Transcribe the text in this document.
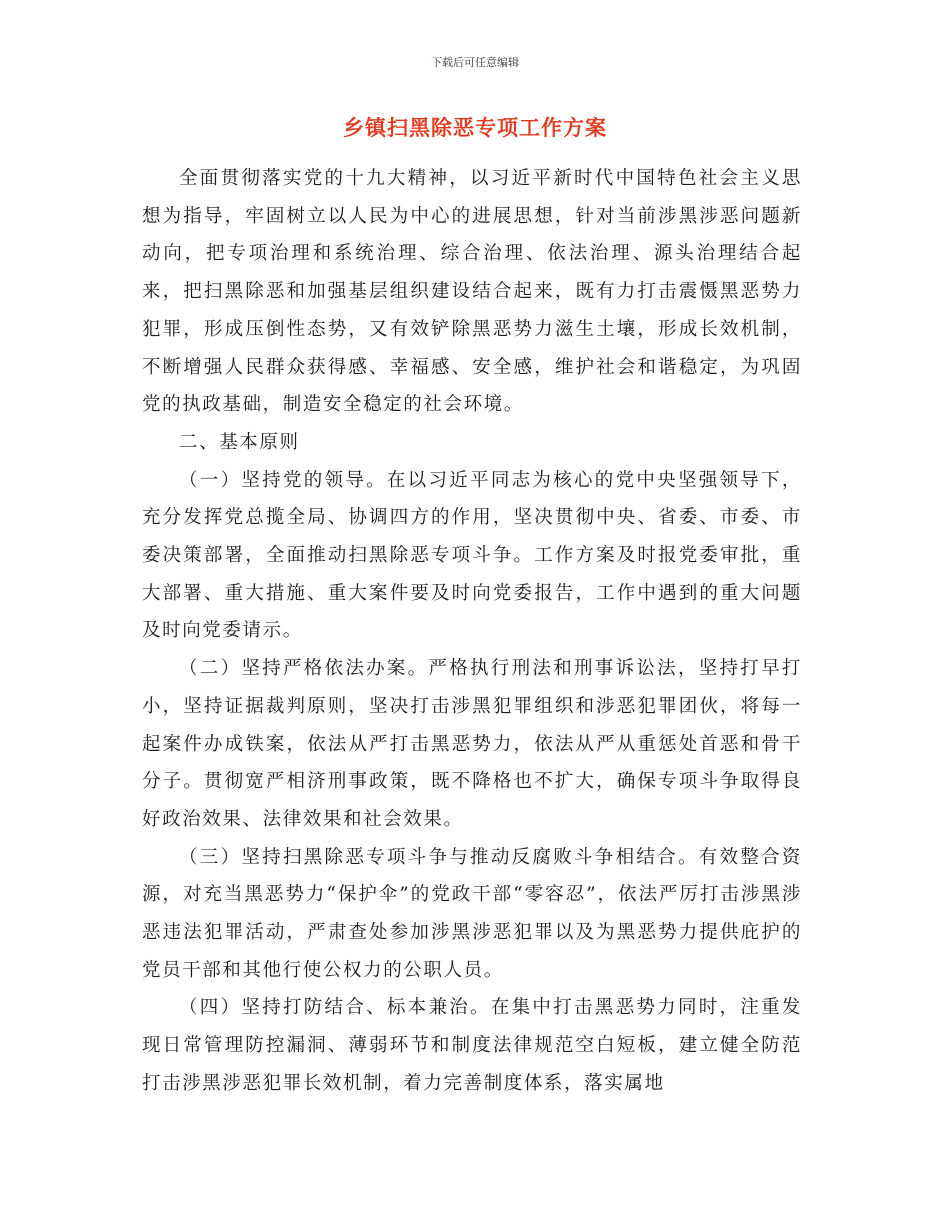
下载后可任意编辑
乡镇扫黑除恶专项工作方案

全面贯彻落实党的十九大精神，以习近平新时代中国特色社会主义思想为指导，牢固树立以人民为中心的进展思想，针对当前涉黑涉恶问题新动向，把专项治理和系统治理、综合治理、依法治理、源头治理结合起来，把扫黑除恶和加强基层组织建设结合起来，既有力打击震慑黑恶势力犯罪，形成压倒性态势，又有效铲除黑恶势力滋生土壤，形成长效机制，不断增强人民群众获得感、幸福感、安全感，维护社会和谐稳定，为巩固党的执政基础，制造安全稳定的社会环境。

二、基本原则

（一）坚持党的领导。在以习近平同志为核心的党中央坚强领导下，充分发挥党总揽全局、协调四方的作用，坚决贯彻中央、省委、市委、市委决策部署，全面推动扫黑除恶专项斗争。工作方案及时报党委审批，重大部署、重大措施、重大案件要及时向党委报告，工作中遇到的重大问题及时向党委请示。

（二）坚持严格依法办案。严格执行刑法和刑事诉讼法，坚持打早打小，坚持证据裁判原则，坚决打击涉黑犯罪组织和涉恶犯罪团伙，将每一起案件办成铁案，依法从严打击黑恶势力，依法从严从重惩处首恶和骨干分子。贯彻宽严相济刑事政策，既不降格也不扩大，确保专项斗争取得良好政治效果、法律效果和社会效果。

（三）坚持扫黑除恶专项斗争与推动反腐败斗争相结合。有效整合资源，对充当黑恶势力“保护伞”的党政干部“零容忍”，依法严厉打击涉黑涉恶违法犯罪活动，严肃查处参加涉黑涉恶犯罪以及为黑恶势力提供庇护的党员干部和其他行使公权力的公职人员。

（四）坚持打防结合、标本兼治。在集中打击黑恶势力同时，注重发现日常管理防控漏洞、薄弱环节和制度法律规范空白短板，建立健全防范打击涉黑涉恶犯罪长效机制，着力完善制度体系，落实属地
